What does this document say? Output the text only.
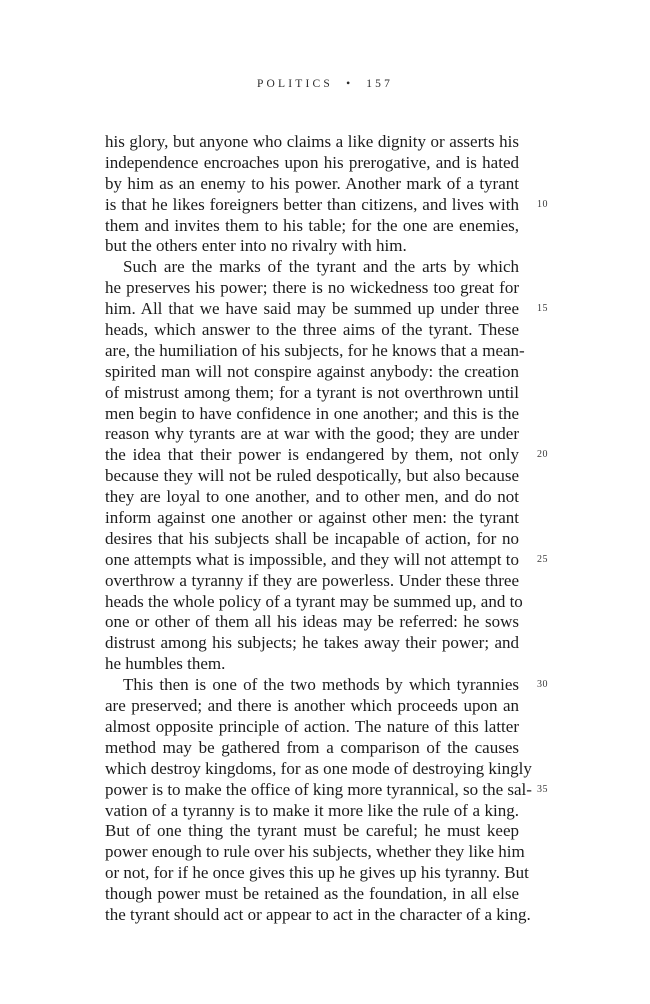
POLITICS • 157
his glory, but anyone who claims a like dignity or asserts his
independence encroaches upon his prerogative, and is hated
by him as an enemy to his power. Another mark of a tyrant
is that he likes foreigners better than citizens, and lives with 10
them and invites them to his table; for the one are enemies,
but the others enter into no rivalry with him.
Such are the marks of the tyrant and the arts by which
he preserves his power; there is no wickedness too great for
him. All that we have said may be summed up under three 15
heads, which answer to the three aims of the tyrant. These
are, the humiliation of his subjects, for he knows that a mean-
spirited man will not conspire against anybody: the creation
of mistrust among them; for a tyrant is not overthrown until
men begin to have confidence in one another; and this is the
reason why tyrants are at war with the good; they are under
the idea that their power is endangered by them, not only 20
because they will not be ruled despotically, but also because
they are loyal to one another, and to other men, and do not
inform against one another or against other men: the tyrant
desires that his subjects shall be incapable of action, for no
one attempts what is impossible, and they will not attempt to 25
overthrow a tyranny if they are powerless. Under these three
heads the whole policy of a tyrant may be summed up, and to
one or other of them all his ideas may be referred: he sows
distrust among his subjects; he takes away their power; and
he humbles them.
This then is one of the two methods by which tyrannies 30
are preserved; and there is another which proceeds upon an
almost opposite principle of action. The nature of this latter
method may be gathered from a comparison of the causes
which destroy kingdoms, for as one mode of destroying kingly
power is to make the office of king more tyrannical, so the sal- 35
vation of a tyranny is to make it more like the rule of a king.
But of one thing the tyrant must be careful; he must keep
power enough to rule over his subjects, whether they like him
or not, for if he once gives this up he gives up his tyranny. But
though power must be retained as the foundation, in all else
the tyrant should act or appear to act in the character of a king.
